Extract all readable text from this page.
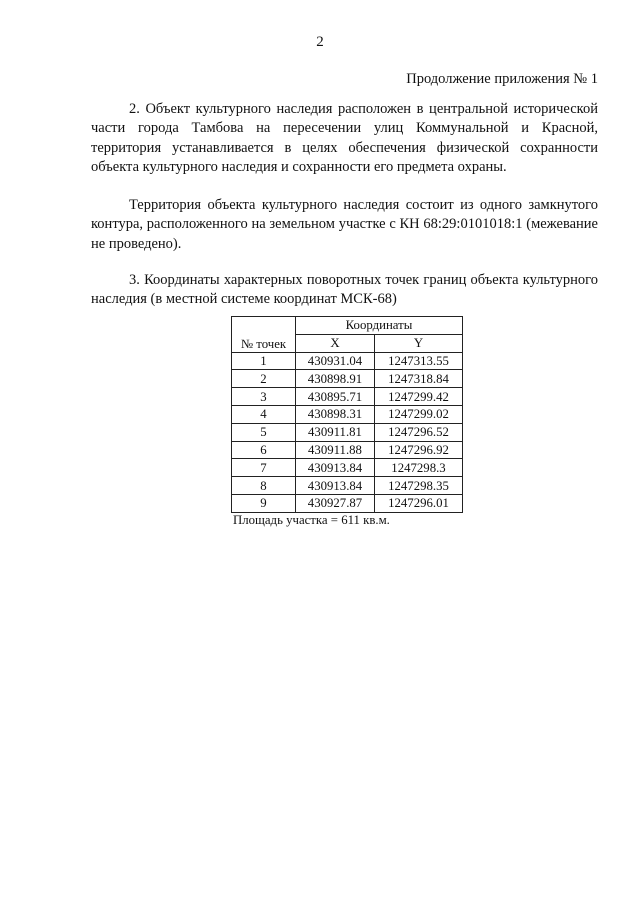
2
Продолжение приложения № 1
2. Объект культурного наследия расположен в центральной исторической части города Тамбова на пересечении улиц Коммунальной и Красной, территория устанавливается в целях обеспечения физической сохранности объекта культурного наследия и сохранности его предмета охраны.
Территория объекта культурного наследия состоит из одного замкнутого контура, расположенного на земельном участке с КН 68:29:0101018:1 (межевание не проведено).
3. Координаты характерных поворотных точек границ объекта культурного наследия (в местной системе координат МСК-68)
№ точек	Координаты	
	X	Y
1	430931.04	1247313.55
2	430898.91	1247318.84
3	430895.71	1247299.42
4	430898.31	1247299.02
5	430911.81	1247296.52
6	430911.88	1247296.92
7	430913.84	1247298.3
8	430913.84	1247298.35
9	430927.87	1247296.01
Площадь участка = 611 кв.м.
